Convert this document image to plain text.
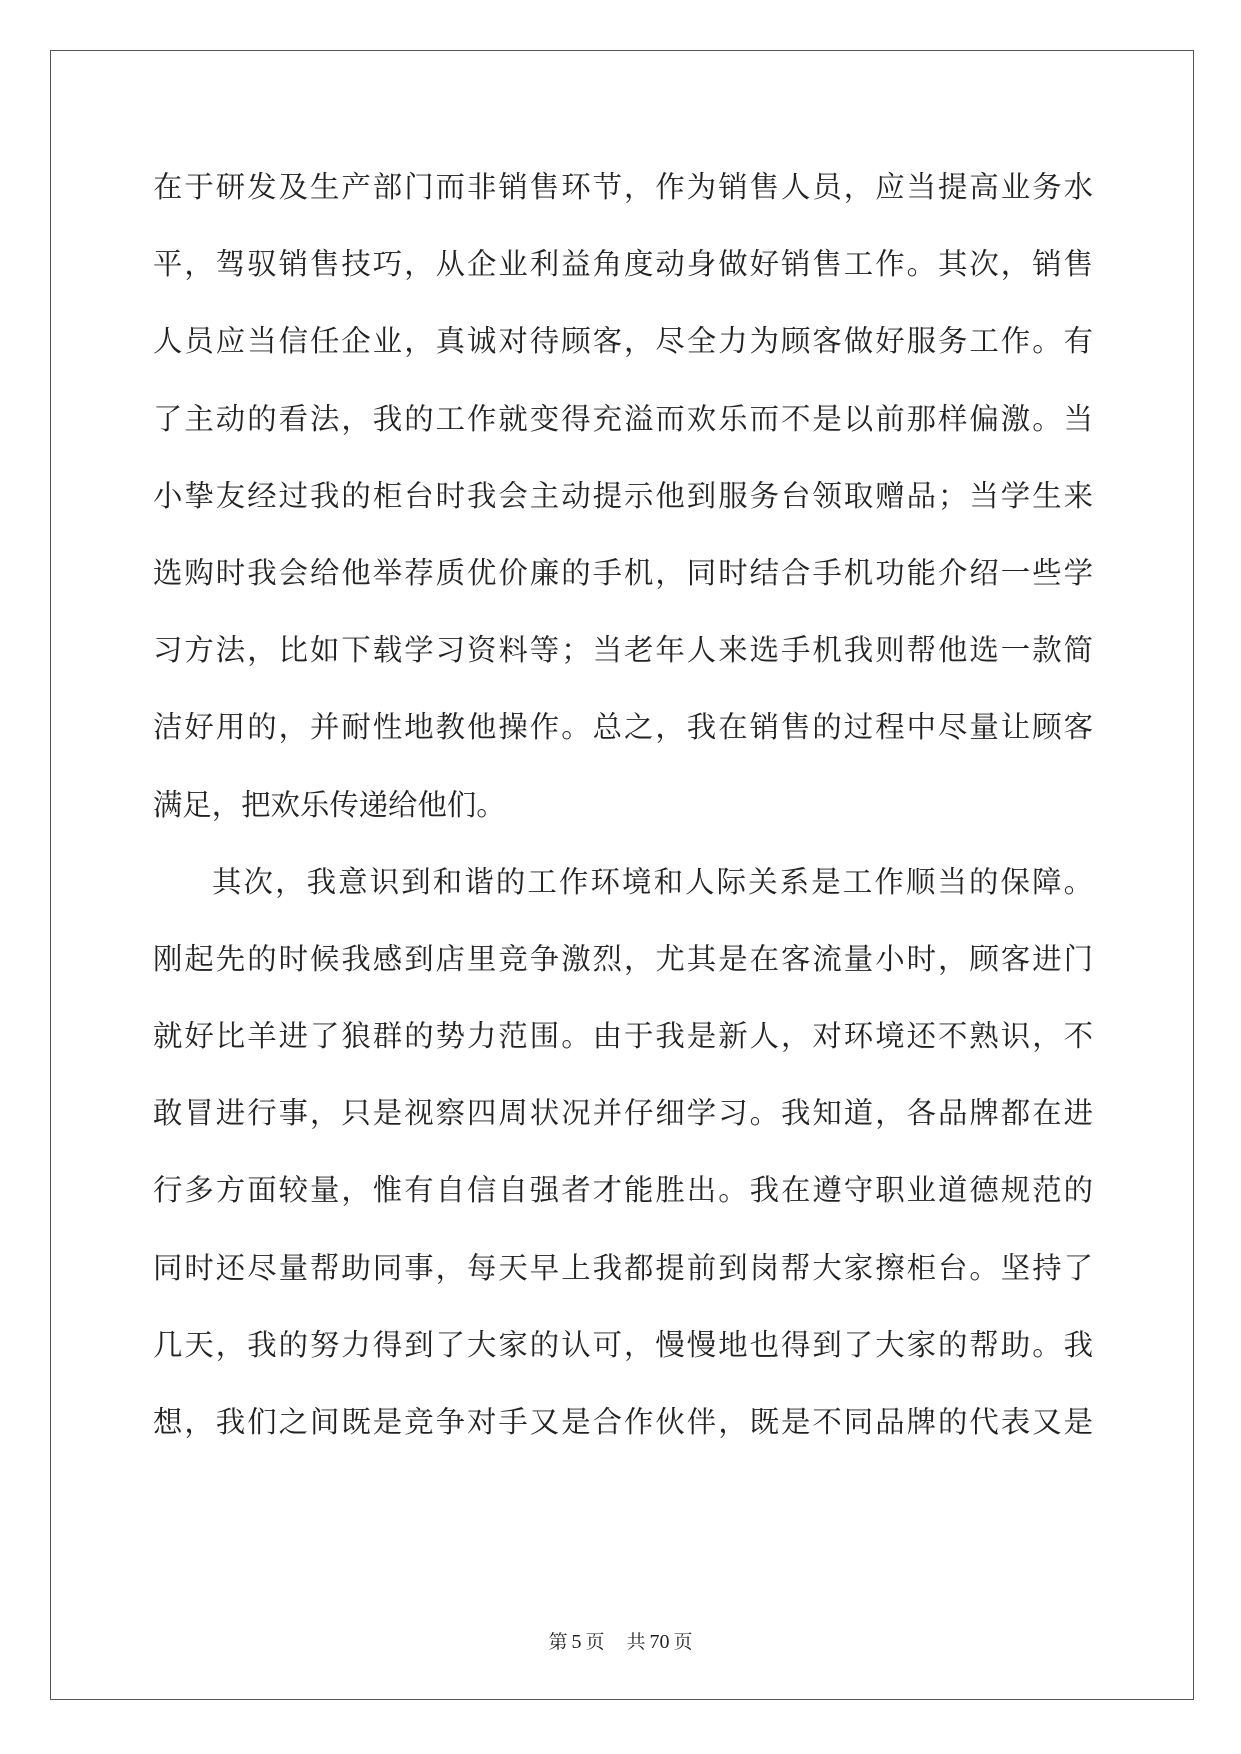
在于研发及生产部门而非销售环节，作为销售人员，应当提高业务水
平，驾驭销售技巧，从企业利益角度动身做好销售工作。其次，销售
人员应当信任企业，真诚对待顾客，尽全力为顾客做好服务工作。有
了主动的看法，我的工作就变得充溢而欢乐而不是以前那样偏激。当
小挚友经过我的柜台时我会主动提示他到服务台领取赠品；当学生来
选购时我会给他举荐质优价廉的手机，同时结合手机功能介绍一些学
习方法，比如下载学习资料等；当老年人来选手机我则帮他选一款简
洁好用的，并耐性地教他操作。总之，我在销售的过程中尽量让顾客
满足，把欢乐传递给他们。
其次，我意识到和谐的工作环境和人际关系是工作顺当的保障。
刚起先的时候我感到店里竞争激烈，尤其是在客流量小时，顾客进门
就好比羊进了狼群的势力范围。由于我是新人，对环境还不熟识，不
敢冒进行事，只是视察四周状况并仔细学习。我知道，各品牌都在进
行多方面较量，惟有自信自强者才能胜出。我在遵守职业道德规范的
同时还尽量帮助同事，每天早上我都提前到岗帮大家擦柜台。坚持了
几天，我的努力得到了大家的认可，慢慢地也得到了大家的帮助。我
想，我们之间既是竞争对手又是合作伙伴，既是不同品牌的代表又是
第 5 页 共 70 页
